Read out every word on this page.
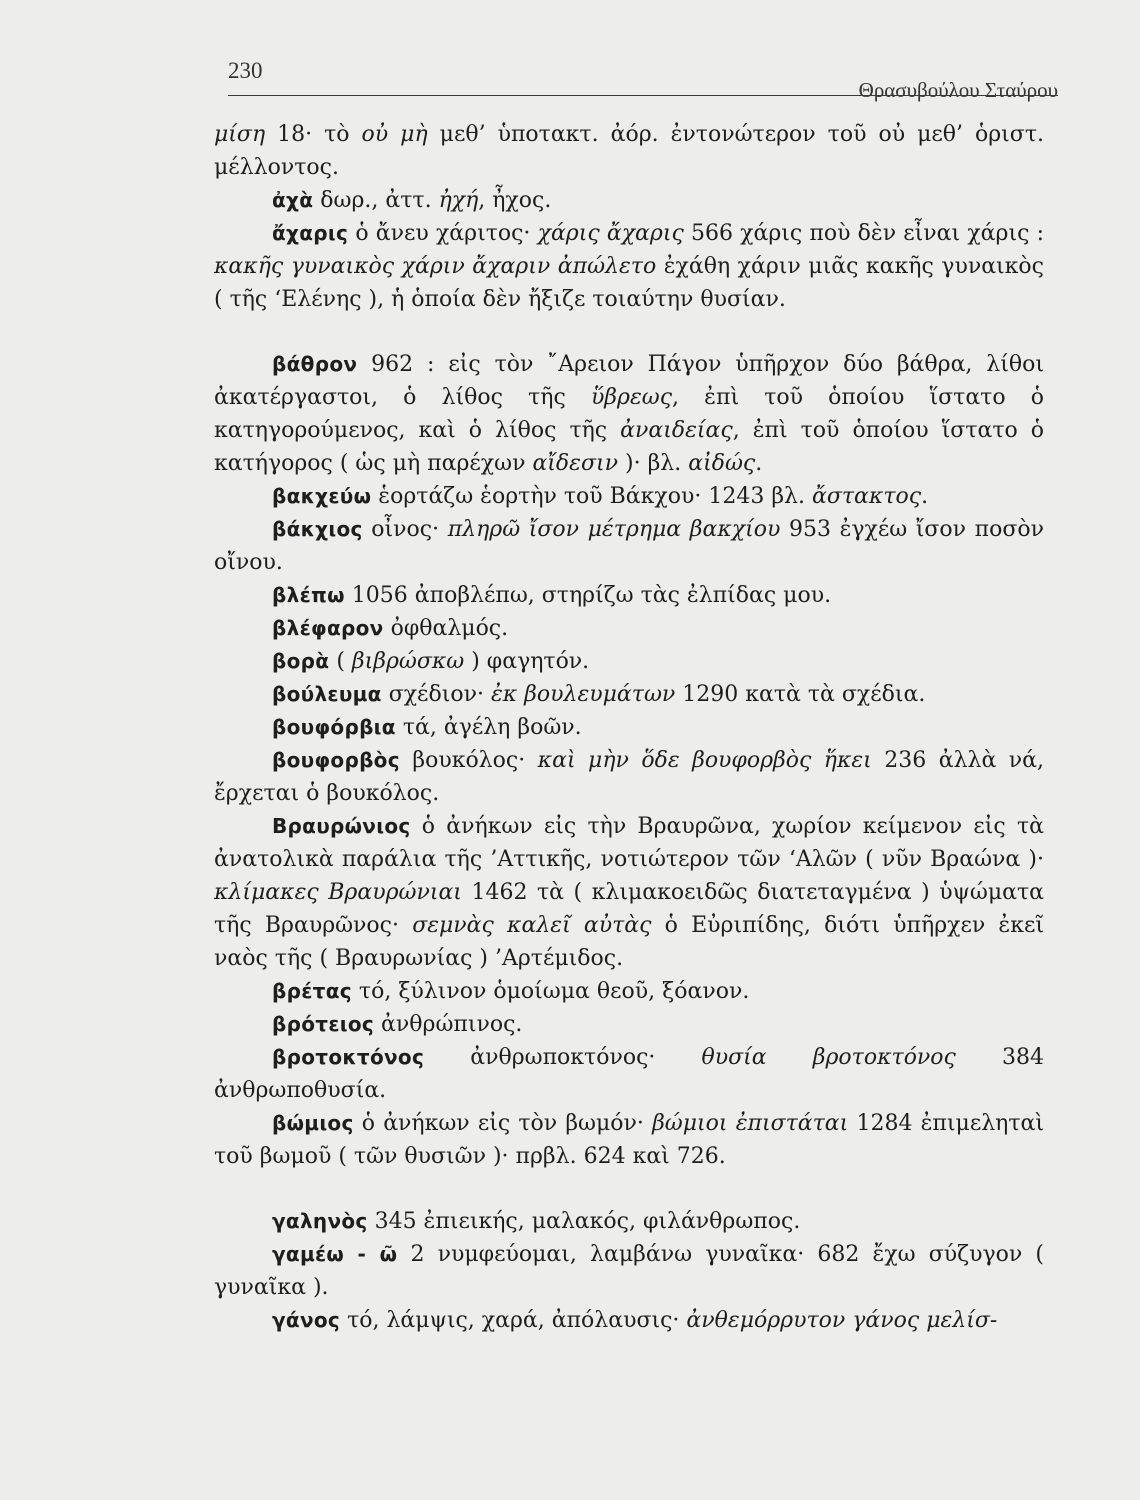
230
Θρασυβούλου Σταύρου

μίση 18· τὸ οὐ μὴ μεθ’ ὑποτακτ. ἀόρ. ἐντονώτερον τοῦ οὐ μεθ’ ὁριστ. μέλλοντος.

ἀχὰ δωρ., ἀττ. ἠχή, ἦχος.

ἄχαρις ὁ ἄνευ χάριτος· χάρις ἄχαρις 566 χάρις ποὺ δὲν εἶναι χάρις : κακῆς γυναικὸς χάριν ἄχαριν ἀπώλετο ἐχάθη χάριν μιᾶς κακῆς γυναικὸς ( τῆς ‘Ελένης ), ἡ ὁποία δὲν ἤξιζε τοιαύτην θυσίαν.

βάθρον 962 : εἰς τὸν ῎Αρειον Πάγον ὑπῆρχον δύο βάθρα, λίθοι ἀκατέργαστοι, ὁ λίθος τῆς ὕβρεως, ἐπὶ τοῦ ὁποίου ἵστατο ὁ κατηγορούμενος, καὶ ὁ λίθος τῆς ἀναιδείας, ἐπὶ τοῦ ὁποίου ἵστατο ὁ κατήγορος ( ὡς μὴ παρέχων αἴδεσιν )· βλ. αἰδώς.

βακχεύω ἑορτάζω ἑορτὴν τοῦ Βάκχου· 1243 βλ. ἄστακτος.

βάκχιος οἶνος· πληρῶ ἴσον μέτρημα βακχίου 953 ἐγχέω ἴσον ποσὸν οἴνου.

βλέπω 1056 ἀποβλέπω, στηρίζω τὰς ἐλπίδας μου.

βλέφαρον ὀφθαλμός.

βορὰ ( βιβρώσκω ) φαγητόν.

βούλευμα σχέδιον· ἐκ βουλευμάτων 1290 κατὰ τὰ σχέδια.

βουφόρβια τά, ἀγέλη βοῶν.

βουφορβὸς βουκόλος· καὶ μὴν ὅδε βουφορβὸς ἥκει 236 ἀλλὰ νά, ἔρχεται ὁ βουκόλος.

Βραυρώνιος ὁ ἀνήκων εἰς τὴν Βραυρῶνα, χωρίον κείμενον εἰς τὰ ἀνατολικὰ παράλια τῆς ’Αττικῆς, νοτιώτερον τῶν ‘Αλῶν ( νῦν Βραώνα )· κλίμακες Βραυρώνιαι 1462 τὰ ( κλιμακοειδῶς διατεταγμένα ) ὑψώματα τῆς Βραυρῶνος· σεμνὰς καλεῖ αὐτὰς ὁ Εὐριπίδης, διότι ὑπῆρχεν ἐκεῖ ναὸς τῆς ( Βραυρωνίας ) ’Αρτέμιδος.

βρέτας τό, ξύλινον ὁμοίωμα θεοῦ, ξόανον.

βρότειος ἀνθρώπινος.

βροτοκτόνος ἀνθρωποκτόνος· θυσία βροτοκτόνος 384 ἀνθρωποθυσία.

βώμιος ὁ ἀνήκων εἰς τὸν βωμόν· βώμιοι ἐπιστάται 1284 ἐπιμεληταὶ τοῦ βωμοῦ ( τῶν θυσιῶν )· πρβλ. 624 καὶ 726.

γαληνὸς 345 ἐπιεικής, μαλακός, φιλάνθρωπος.

γαμέω - ῶ 2 νυμφεύομαι, λαμβάνω γυναῖκα· 682 ἔχω σύζυγον ( γυναῖκα ).

γάνος τό, λάμψις, χαρά, ἀπόλαυσις· ἀνθεμόρρυτον γάνος μελίσ-
